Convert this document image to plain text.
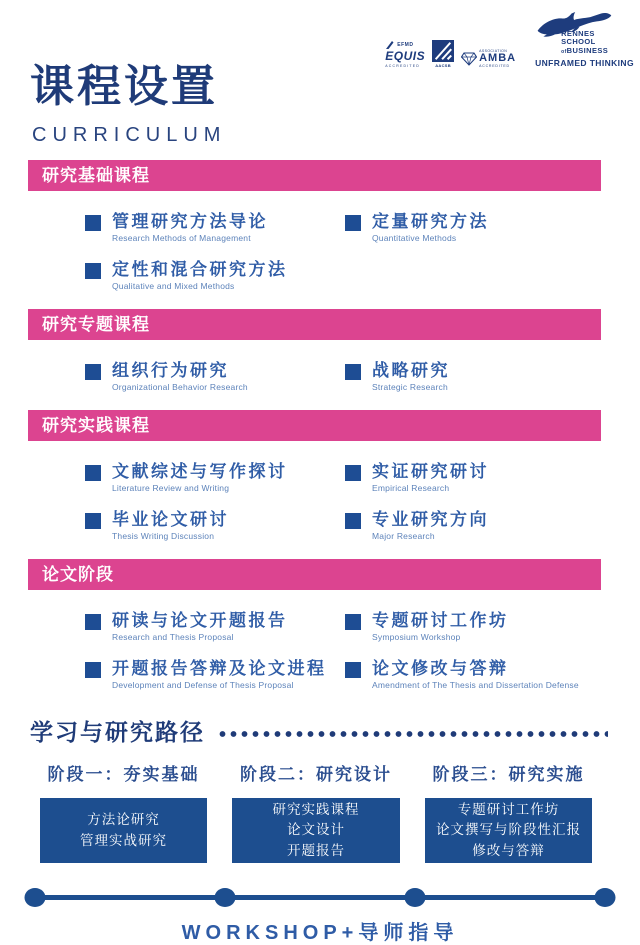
EFMD
EQUIS
ACCREDITED	AACSB
ASSOCIATION
AMBA
ACCREDITED
RENNES
SCHOOL
ofBUSINESS
UNFRAMED THINKING
课程设置
CURRICULUM
研究基础课程
管理研究方法导论
Research Methods of Management
定量研究方法
Quantitative Methods
定性和混合研究方法
Qualitative and Mixed Methods
研究专题课程
组织行为研究
Organizational Behavior Research
战略研究
Strategic Research
研究实践课程
文献综述与写作探讨
Literature Review and Writing
实证研究研讨
Empirical Research
毕业论文研讨
Thesis Writing Discussion
专业研究方向
Major Research
论文阶段
研读与论文开题报告
Research and Thesis Proposal
专题研讨工作坊
Symposium Workshop
开题报告答辩及论文进程
Development and Defense of Thesis Proposal
论文修改与答辩
Amendment of The Thesis and Dissertation Defense
学习与研究路径
阶段一：夯实基础
方法论研究
管理实战研究
阶段二：研究设计
研究实践课程
论文设计
开题报告
阶段三：研究实施
专题研讨工作坊
论文撰写与阶段性汇报
修改与答辩
WORKSHOP+导师指导
